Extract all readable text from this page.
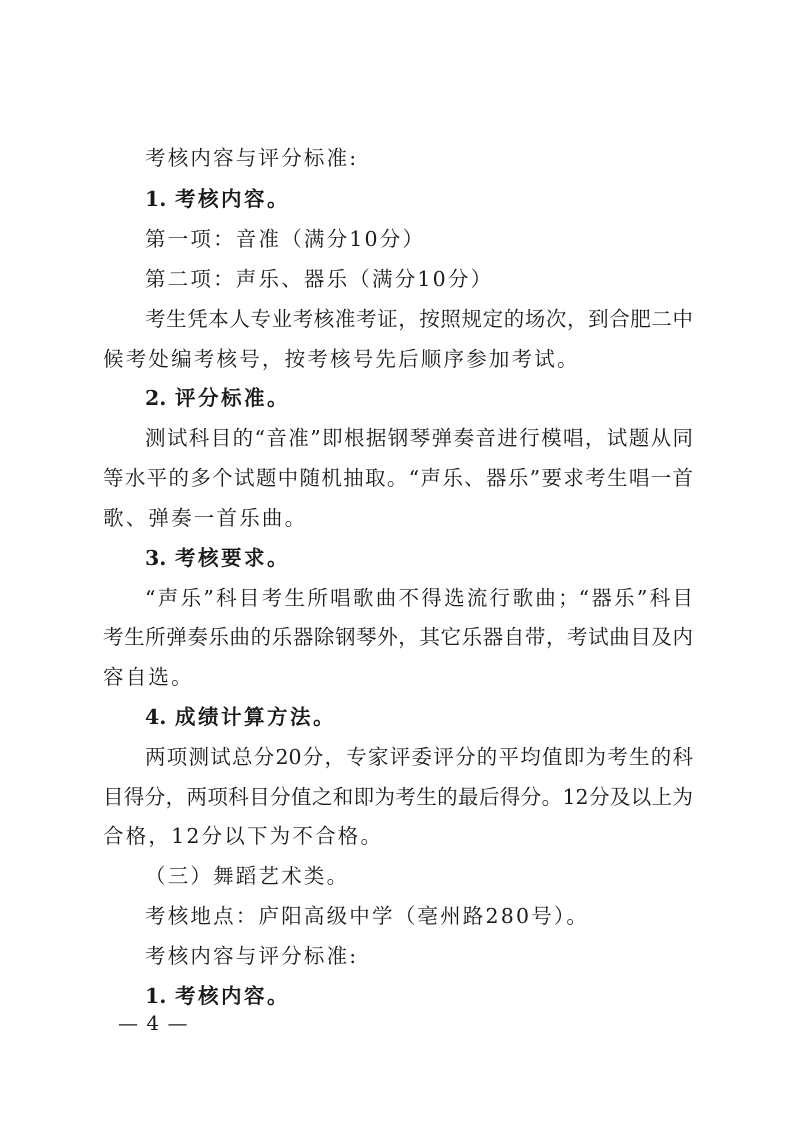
考核内容与评分标准:
1. 考核内容。
第一项：音准（满分10分）
第二项：声乐、器乐（满分10分）
考生凭本人专业考核准考证，按照规定的场次，到合肥二中
候考处编考核号，按考核号先后顺序参加考试。
2. 评分标准。
测试科目的“音准”即根据钢琴弹奏音进行模唱，试题从同
等水平的多个试题中随机抽取。“声乐、器乐”要求考生唱一首
歌、弹奏一首乐曲。
3. 考核要求。
“声乐”科目考生所唱歌曲不得选流行歌曲；“器乐”科目
考生所弹奏乐曲的乐器除钢琴外，其它乐器自带，考试曲目及内
容自选。
4. 成绩计算方法。
两项测试总分20分，专家评委评分的平均值即为考生的科
目得分，两项科目分值之和即为考生的最后得分。12分及以上为
合格，12分以下为不合格。
（三）舞蹈艺术类。
考核地点：庐阳高级中学（亳州路280号）。
考核内容与评分标准:
1. 考核内容。
— 4 —
